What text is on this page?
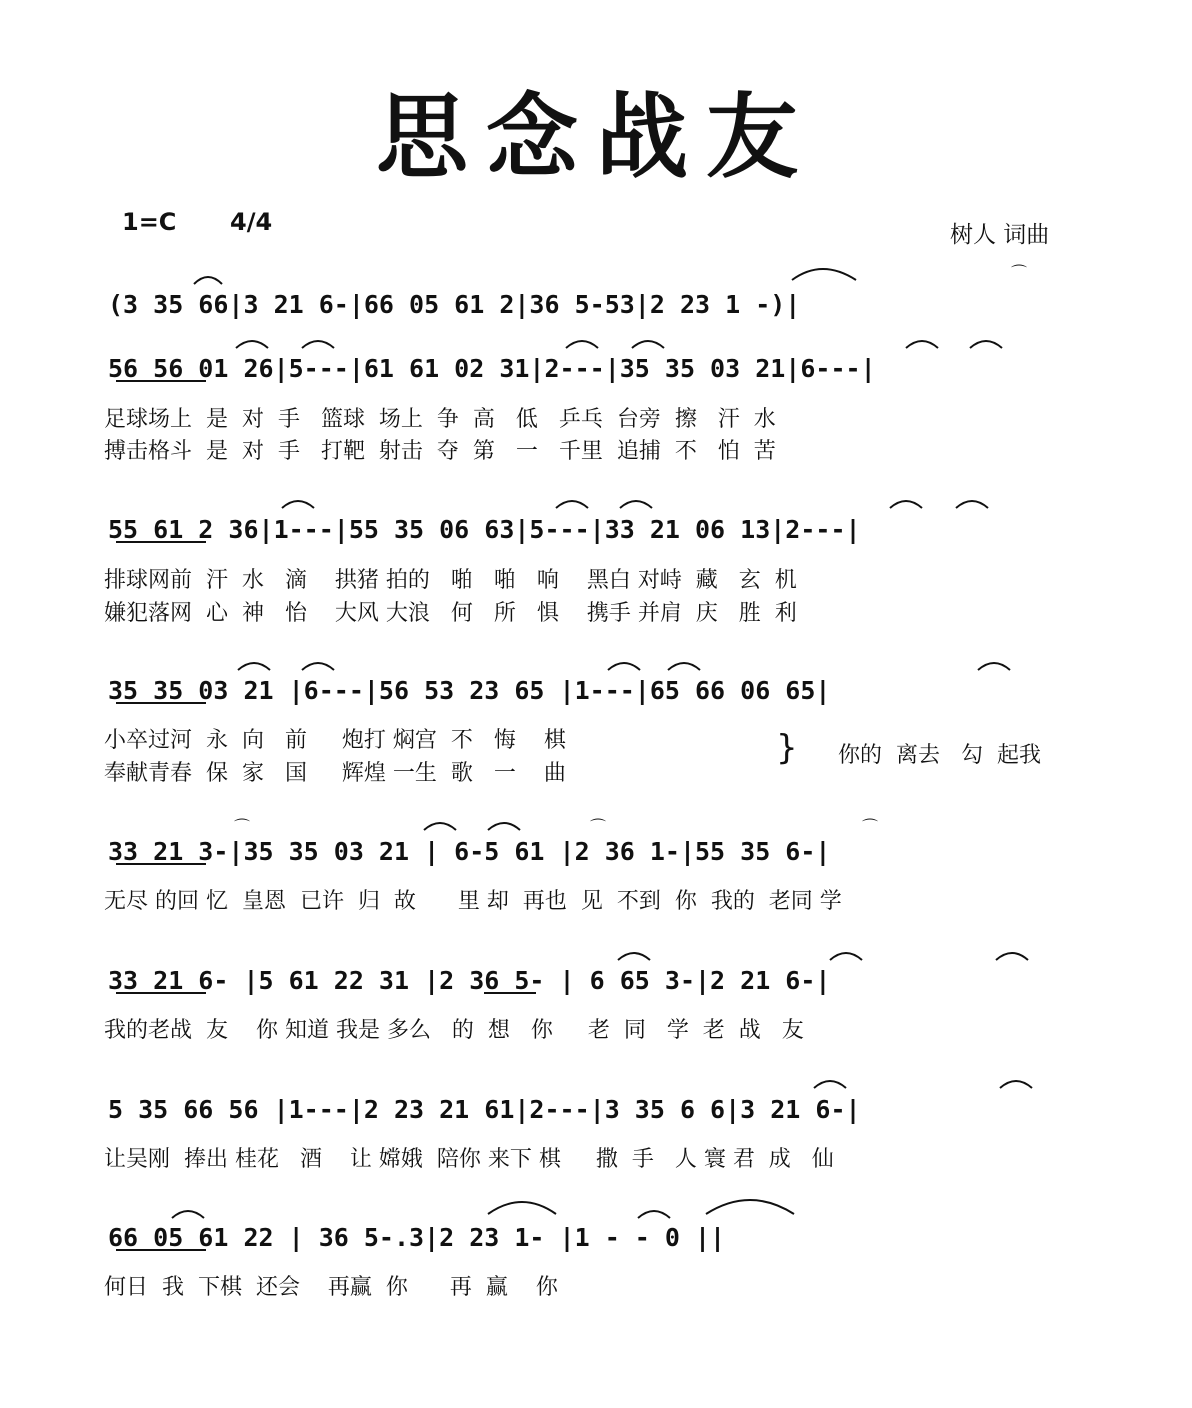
思念战友
1=C 4/4	树人 词曲
(3 35 66|3 21 6-|66 05 61 2|36 5-53|2 23 1 -)|
56 56 01 26|5---|61 61 02 31|2---|35 35 03 21|6---|
足球场上  是  对  手   篮球  场上  争  高   低   乒乓  台旁  擦   汗  水
搏击格斗  是  对  手   打靶  射击  夺  第   一   千里  追捕  不   怕  苦
55 61 2 36|1---|55 35 06 63|5---|33 21 06 13|2---|
排球网前  汗  水   滴    拱猪 拍的   啪   啪   响    黑白 对峙  藏   玄  机
嫌犯落网  心  神   怡    大风 大浪   何   所   惧    携手 并肩  庆   胜  利
35 35 03 21 |6---|56 53 23 65 |1---|65 66 06 65|
小卒过河  永  向   前     炮打 焖宫  不   悔    棋
奉献青春  保  家   国     辉煌 一生  歌   一    曲
} 你的  离去   勾  起我
33 21 3-|35 35 03 21 | 6-5 61 |2 36 1-|55 35 6-|
无尽 的回 忆  皇恩  已许  归  故      里 却  再也  见  不到  你  我的  老同 学
33 21 6- |5 61 22 31 |2 36 5- | 6 65 3-|2 21 6-|
我的老战  友    你 知道 我是 多么   的  想   你     老  同   学  老  战   友
5 35 66 56 |1---|2 23 21 61|2---|3 35 6 6|3 21 6-|
让吴刚  捧出 桂花   酒    让 嫦娥  陪你 来下 棋     撒  手   人 寰 君  成   仙
66 05 61 22 | 36 5-.3|2 23 1- |1 - - 0 ||
何日  我  下棋  还会    再赢  你      再  赢    你
⌒
⌒	⌒	⌒
